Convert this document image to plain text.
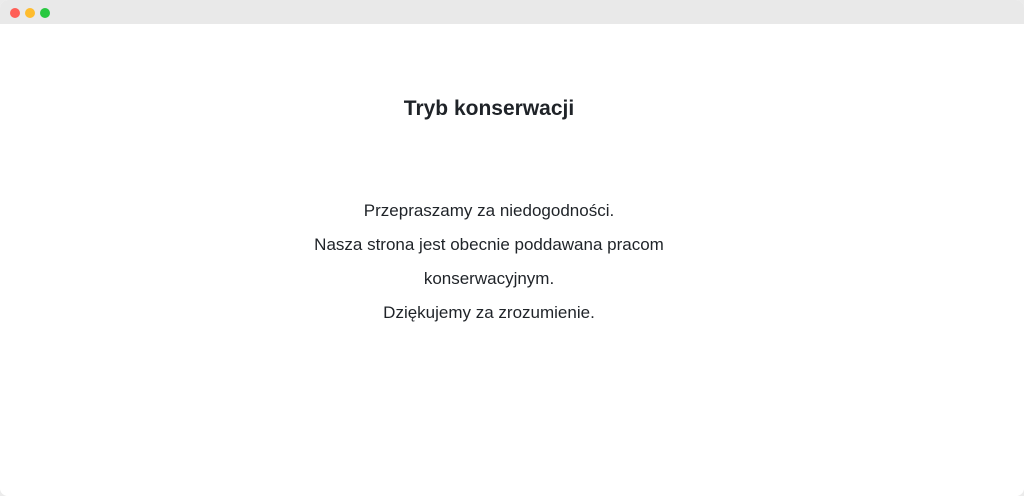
Tryb konserwacji

Przepraszamy za niedogodności.

Nasza strona jest obecnie poddawana pracom konserwacyjnym.

Dziękujemy za zrozumienie.
